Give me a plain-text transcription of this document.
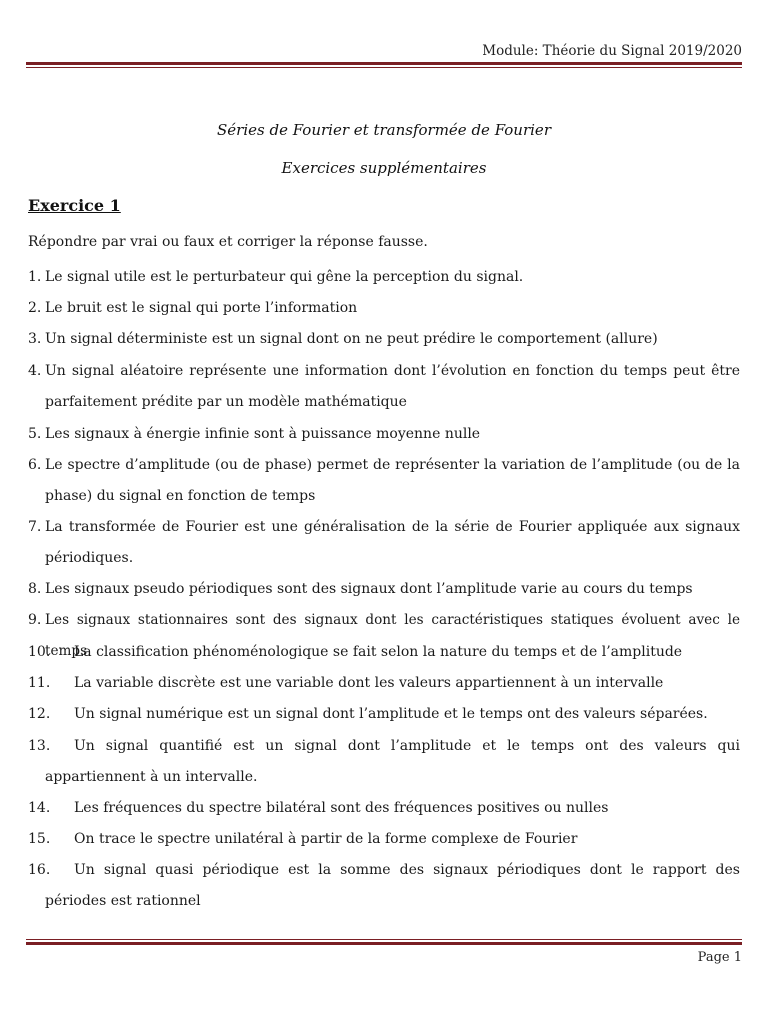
Module: Théorie du Signal 2019/2020
Séries de Fourier et transformée de Fourier
Exercices supplémentaires
Exercice 1
Répondre par vrai ou faux et corriger la réponse fausse.
1. Le signal utile est le perturbateur qui gêne la perception du signal.
2. Le bruit est le signal qui porte l’information
3. Un signal déterministe est un signal dont on ne peut prédire le comportement (allure)
4. Un signal aléatoire représente une information dont l’évolution en fonction du temps peut être parfaitement prédite par un modèle mathématique
5. Les signaux à énergie infinie sont à puissance moyenne nulle
6. Le spectre d’amplitude (ou de phase) permet de représenter la variation de l’amplitude (ou de la phase) du signal en fonction de temps
7. La transformée de Fourier est une généralisation de la série de Fourier appliquée aux signaux périodiques.
8. Les signaux pseudo périodiques sont des signaux dont l’amplitude varie au cours du temps
9. Les signaux stationnaires sont des signaux dont les caractéristiques statiques évoluent avec le temps
10.	La classification phénoménologique se fait selon la nature du temps et de l’amplitude
11.	La variable discrète est une variable dont les valeurs appartiennent à un intervalle
12.	Un signal numérique est un signal dont l’amplitude et le temps ont des valeurs séparées.
13.	Un signal quantifié est un signal dont l’amplitude et le temps ont des valeurs qui appartiennent à un intervalle.
14.	Les fréquences du spectre bilatéral sont des fréquences positives ou nulles
15.	On trace le spectre unilatéral à partir de la forme complexe de Fourier
16.	Un signal quasi périodique est la somme des signaux périodiques dont le rapport des périodes est rationnel
Page 1
